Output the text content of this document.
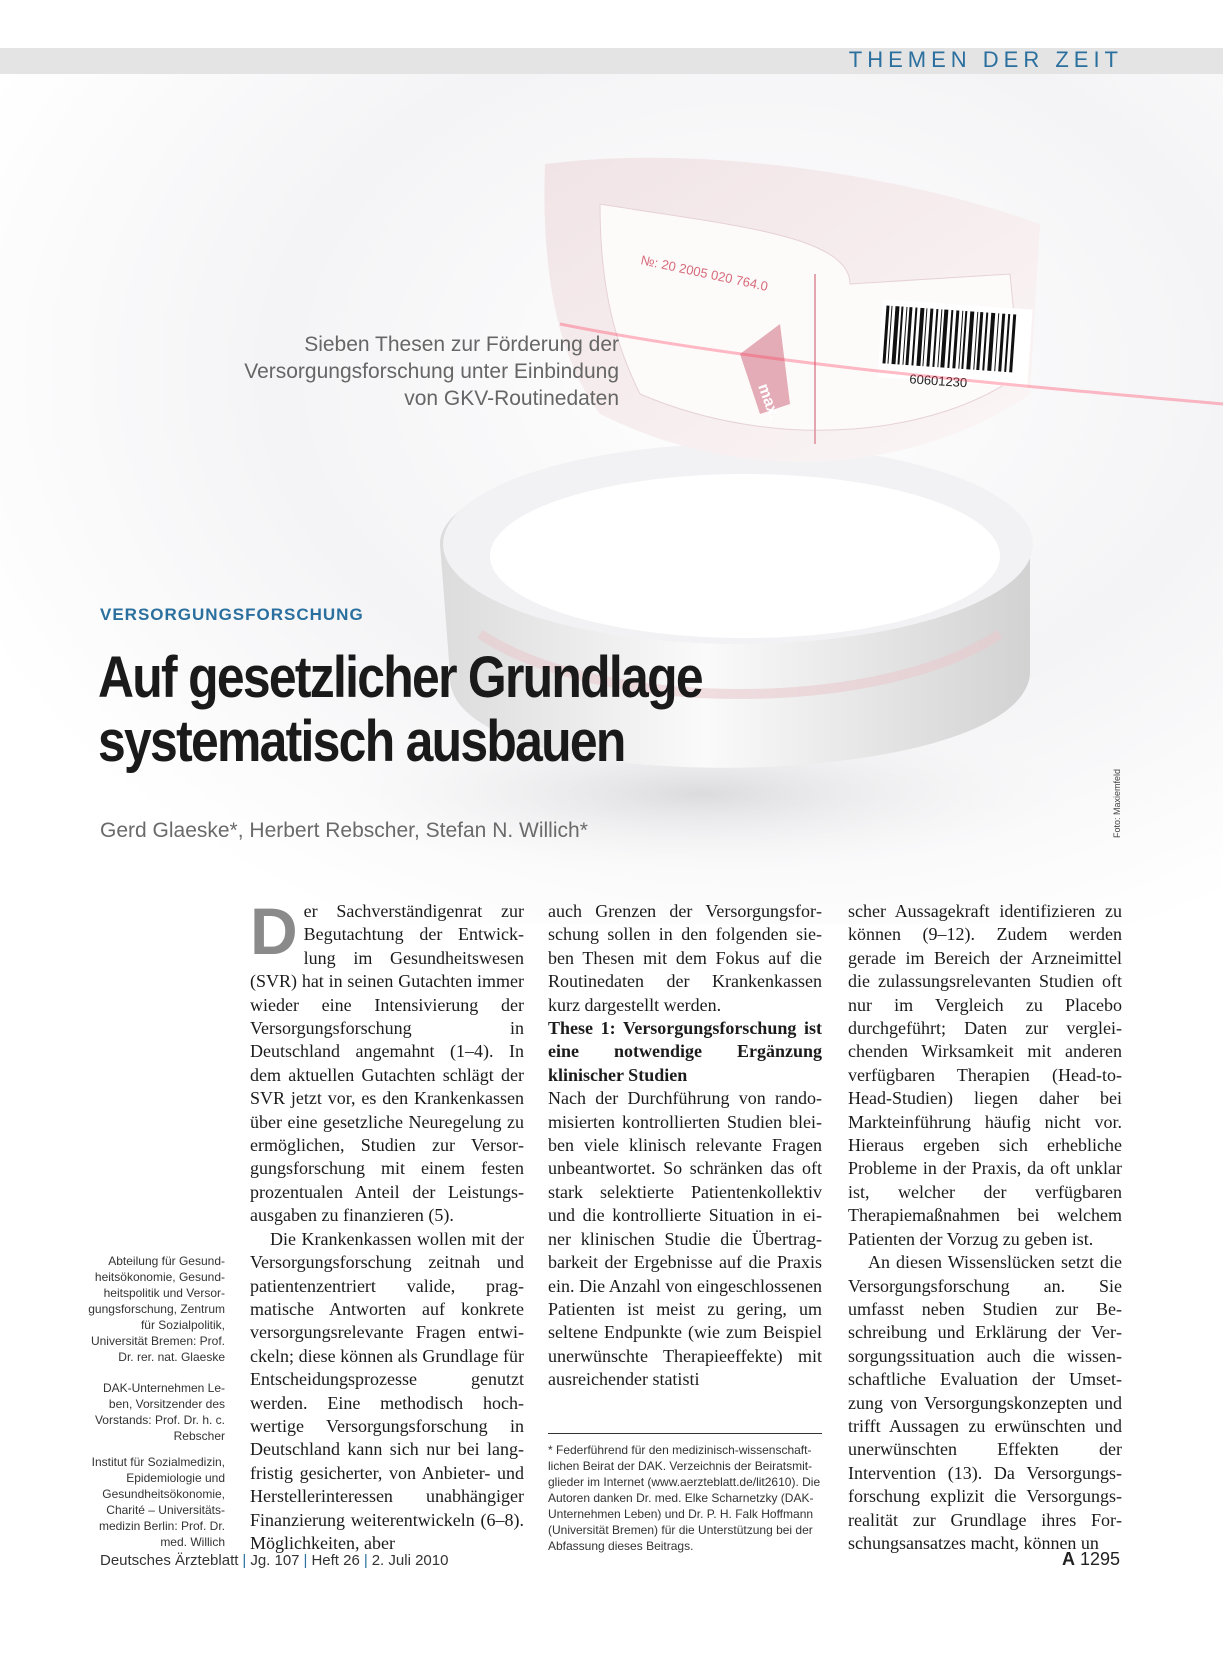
THEMEN DER ZEIT
max.
№: 20 2005 020 764.0
60601230
Sieben Thesen zur Förderung der
Versorgungsforschung unter Einbindung
von GKV-Routinedaten
VERSORGUNGSFORSCHUNG
Auf gesetzlicher Grundlage
systematisch ausbauen
Gerd Glaeske*, Herbert Rebscher, Stefan N. Willich*	Foto: Maxiemfeld
Abteilung für Gesundheitsökonomie, Gesundheitspolitik und Versorgungsforschung, Zentrum für Sozialpolitik, Universität Bremen: Prof. Dr. rer. nat. Glaeske
DAK-Unternehmen Leben, Vorsitzender des Vorstands: Prof. Dr. h. c. Rebscher
Institut für Sozialmedizin, Epidemiologie und Gesundheitsökonomie, Charité – Universitätsmedizin Berlin: Prof. Dr. med. Willich
D er Sachverständigenrat zur Begutachtung der Entwicklung im Gesundheitswesen (SVR) hat in seinen Gutachten immer wieder eine Intensivierung der Versorgungsforschung in Deutschland angemahnt (1–4). In dem aktuellen Gutachten schlägt der SVR jetzt vor, es den Krankenkassen über eine gesetzliche Neuregelung zu ermöglichen, Studien zur Versorgungsforschung mit einem festen prozentualen Anteil der Leistungsausgaben zu finanzieren (5).

Die Krankenkassen wollen mit der Versorgungsforschung zeitnah und patientenzentriert valide, pragmatische Antworten auf konkrete versorgungsrelevante Fragen entwickeln; diese können als Grundlage für Entscheidungsprozesse genutzt werden. Eine methodisch hochwertige Versorgungsforschung in Deutschland kann sich nur bei langfristig gesicherter, von Anbieter- und Herstellerinteressen unabhängiger Finanzierung weiterentwickeln (6–8). Möglichkeiten, aber

auch Grenzen der Versorgungsforschung sollen in den folgenden sieben Thesen mit dem Fokus auf die Routinedaten der Krankenkassen kurz dargestellt werden.

These 1: Versorgungsforschung ist eine notwendige Ergänzung klinischer Studien

Nach der Durchführung von randomisierten kontrollierten Studien bleiben viele klinisch relevante Fragen unbeantwortet. So schränken das oft stark selektierte Patientenkollektiv und die kontrollierte Situation in einer klinischen Studie die Übertragbarkeit der Ergebnisse auf die Praxis ein. Die Anzahl von eingeschlossenen Patienten ist meist zu gering, um seltene Endpunkte (wie zum Beispiel unerwünschte Therapieeffekte) mit ausreichender statisti

scher Aussagekraft identifizieren zu können (9–12). Zudem werden gerade im Bereich der Arzneimittel die zulassungsrelevanten Studien oft nur im Vergleich zu Placebo durchgeführt; Daten zur vergleichenden Wirksamkeit mit anderen verfügbaren Therapien (Head-to-Head-Studien) liegen daher bei Markteinführung häufig nicht vor. Hieraus ergeben sich erhebliche Probleme in der Praxis, da oft unklar ist, welcher der verfügbaren Therapiemaßnahmen bei welchem Patienten der Vorzug zu geben ist.

An diesen Wissenslücken setzt die Versorgungsforschung an. Sie umfasst neben Studien zur Beschreibung und Erklärung der Versorgungssituation auch die wissenschaftliche Evaluation der Umsetzung von Versorgungskonzepten und trifft Aussagen zu erwünschten und unerwünschten Effekten der Intervention (13). Da Versorgungsforschung explizit die Versorgungsrealität zur Grundlage ihres Forschungsansatzes macht, können un

* Federführend für den medizinisch-wissenschaftlichen Beirat der DAK. Verzeichnis der Beiratsmitglieder im Internet (www.aerzteblatt.de/lit2610). Die Autoren danken Dr. med. Elke Scharnetzky (DAK-Unternehmen Leben) und Dr. P. H. Falk Hoffmann (Universität Bremen) für die Unterstützung bei der Abfassung dieses Beitrags.
Deutsches Ärzteblatt | Jg. 107 | Heft 26 | 2. Juli 2010	A 1295
